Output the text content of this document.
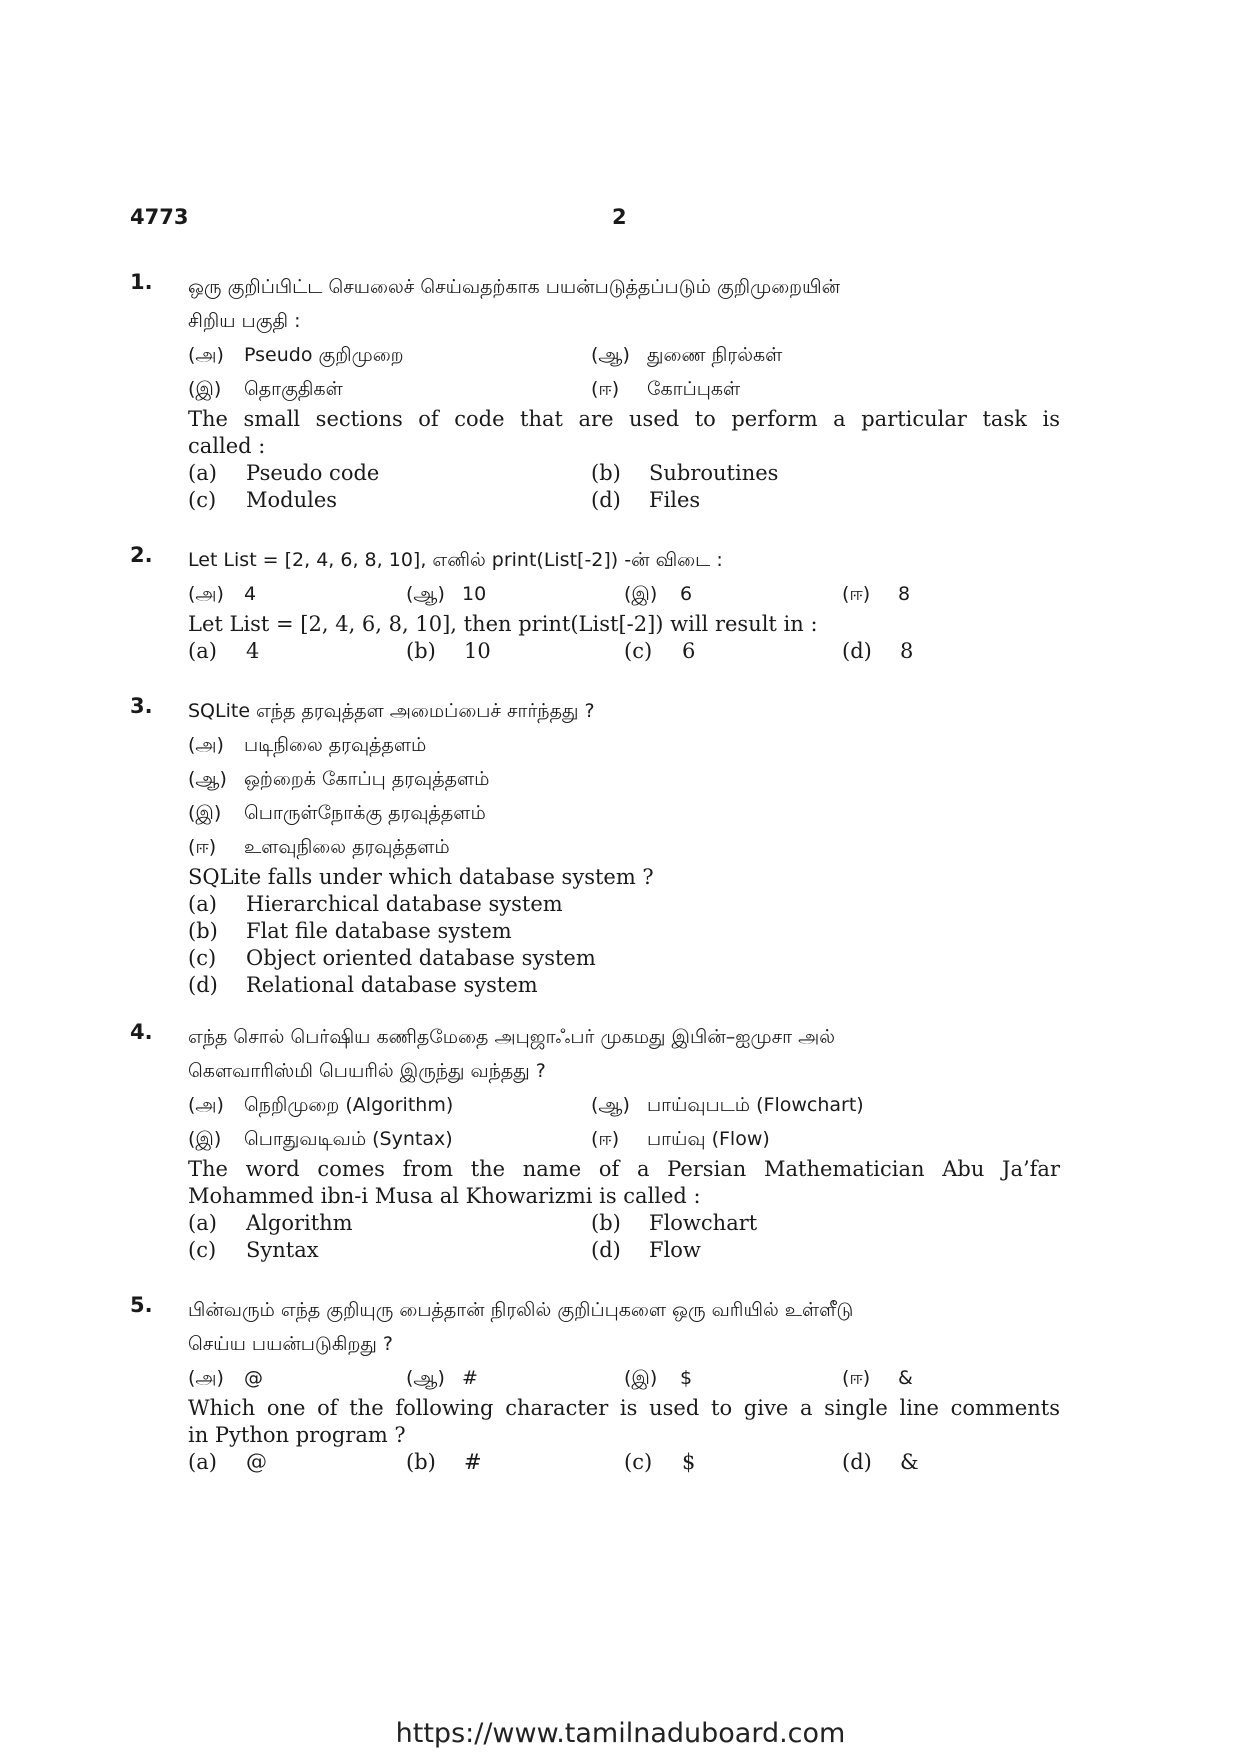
4773	2
1. ஒரு குறிப்பிட்ட செயலைச் செய்வதற்காக பயன்படுத்தப்படும் குறிமுறையின்
சிறிய பகுதி :
(அ)	Pseudo குறிமுறை	(ஆ) துணை நிரல்கள்
(இ)	தொகுதிகள்	(ஈ)	கோப்புகள்
The small sections of code that are used to perform a particular task is
called :
(a)	Pseudo code	(b)	Subroutines
(c)	Modules	(d)	Files
2. Let List = [2, 4, 6, 8, 10], எனில் print(List[-2]) -ன் விடை :
(அ)	4	(ஆ) 10	(இ)	6	(ஈ)	8
Let List = [2, 4, 6, 8, 10], then print(List[-2]) will result in :
(a)	4	(b)	10	(c)	6	(d)	8
3. SQLite எந்த தரவுத்தள அமைப்பைச் சார்ந்தது ?
(அ) படிநிலை தரவுத்தளம்
(ஆ) ஒற்றைக் கோப்பு தரவுத்தளம்
(இ) பொருள்நோக்கு தரவுத்தளம்
(ஈ) உளவுநிலை தரவுத்தளம்
SQLite falls under which database system ?
(a) Hierarchical database system
(b) Flat file database system
(c) Object oriented database system
(d) Relational database system
4. எந்த சொல் பெர்ஷிய கணிதமேதை அபுஜாஃபர் முகமது இபின்–ஐமுசா அல்
கௌவாரிஸ்மி பெயரில் இருந்து வந்தது ?
(அ)	நெறிமுறை (Algorithm)	(ஆ) பாய்வுபடம் (Flowchart)
(இ)	பொதுவடிவம் (Syntax)	(ஈ)	பாய்வு (Flow)
The word comes from the name of a Persian Mathematician Abu Ja’far
Mohammed ibn-i Musa al Khowarizmi is called :
(a)	Algorithm	(b)	Flowchart
(c)	Syntax	(d)	Flow
5. பின்வரும் எந்த குறியுரு பைத்தான் நிரலில் குறிப்புகளை ஒரு வரியில் உள்ளீடு
செய்ய பயன்படுகிறது ?
(அ)	@	(ஆ) #	(இ)	$	(ஈ)	&
Which one of the following character is used to give a single line comments
in Python program ?
(a)	@	(b)	#	(c)	$	(d)	&
https://www.tamilnaduboard.com
